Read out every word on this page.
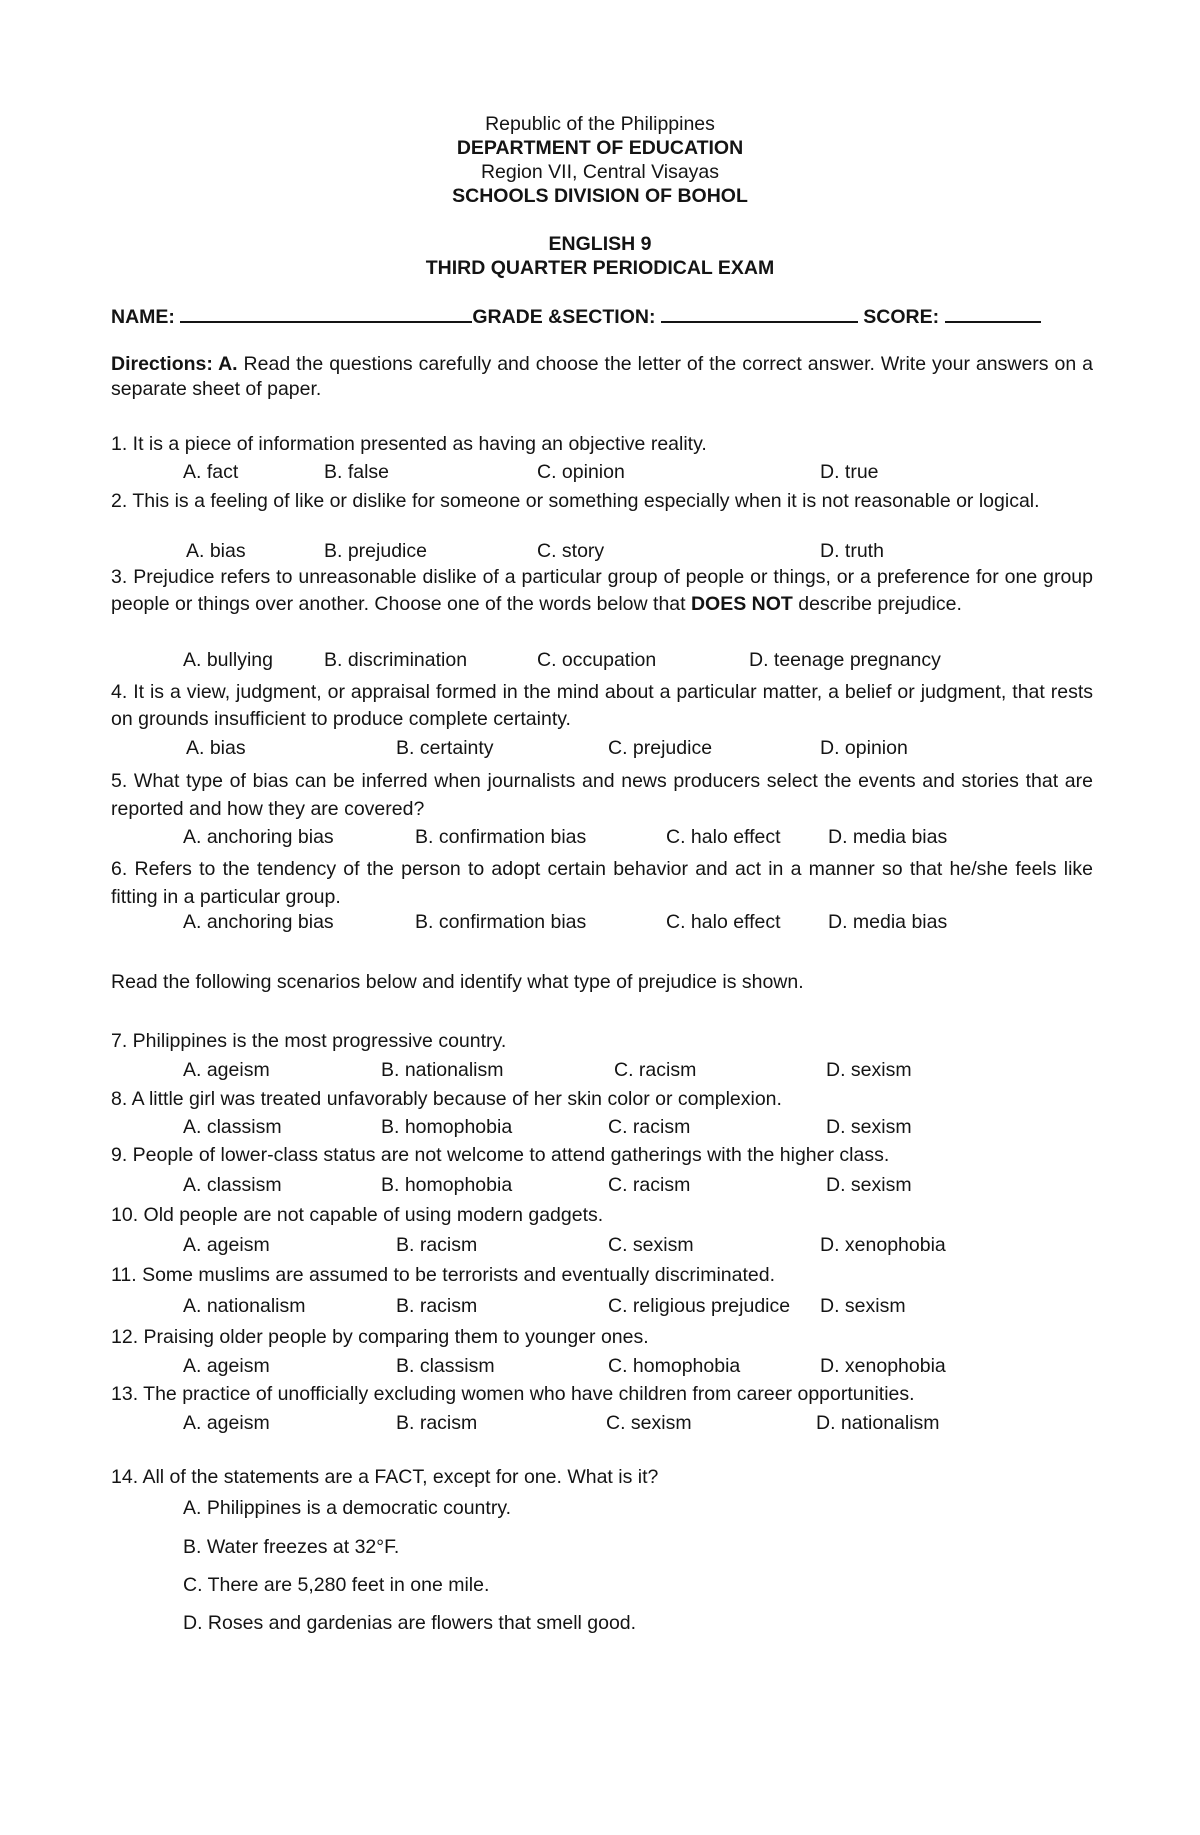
Republic of the Philippines
DEPARTMENT OF EDUCATION
Region VII, Central Visayas
SCHOOLS DIVISION OF BOHOL
ENGLISH 9
THIRD QUARTER PERIODICAL EXAM
NAME:	GRADE &SECTION:	SCORE:
Directions: A. Read the questions carefully and choose the letter of the correct answer. Write your answers on a separate sheet of paper.
1. It is a piece of information presented as having an objective reality.
A. fact	B. false	C. opinion	D. true
2. This is a feeling of like or dislike for someone or something especially when it is not reasonable or logical.
A. bias	B. prejudice	C. story	D. truth
3. Prejudice refers to unreasonable dislike of a particular group of people or things, or a preference for one group people or things over another. Choose one of the words below that DOES NOT describe prejudice.
A. bullying	B. discrimination	C. occupation	D. teenage pregnancy
4. It is a view, judgment, or appraisal formed in the mind about a particular matter, a belief or judgment, that rests on grounds insufficient to produce complete certainty.
A. bias	B. certainty	C. prejudice	D. opinion
5. What type of bias can be inferred when journalists and news producers select the events and stories that are reported and how they are covered?
A. anchoring bias	B. confirmation bias	C. halo effect D. media bias
6. Refers to the tendency of the person to adopt certain behavior and act in a manner so that he/she feels like fitting in a particular group.
A. anchoring bias	B. confirmation bias	C. halo effect D. media bias
Read the following scenarios below and identify what type of prejudice is shown.
7. Philippines is the most progressive country.
A. ageism	B. nationalism	C. racism	D. sexism
8. A little girl was treated unfavorably because of her skin color or complexion.
A. classism	B. homophobia	C. racism	D. sexism
9. People of lower-class status are not welcome to attend gatherings with the higher class.
A. classism	B. homophobia	C. racism	D. sexism
10. Old people are not capable of using modern gadgets.
A. ageism	B. racism	C. sexism	D. xenophobia
11. Some muslims are assumed to be terrorists and eventually discriminated.
A. nationalism	B. racism	C. religious prejudice D. sexism
12. Praising older people by comparing them to younger ones.
A. ageism	B. classism	C. homophobia	D. xenophobia
13. The practice of unofficially excluding women who have children from career opportunities.
A. ageism	B. racism	C. sexism	D. nationalism
14. All of the statements are a FACT, except for one. What is it?
A. Philippines is a democratic country.
B. Water freezes at 32°F.
C. There are 5,280 feet in one mile.
D. Roses and gardenias are flowers that smell good.
